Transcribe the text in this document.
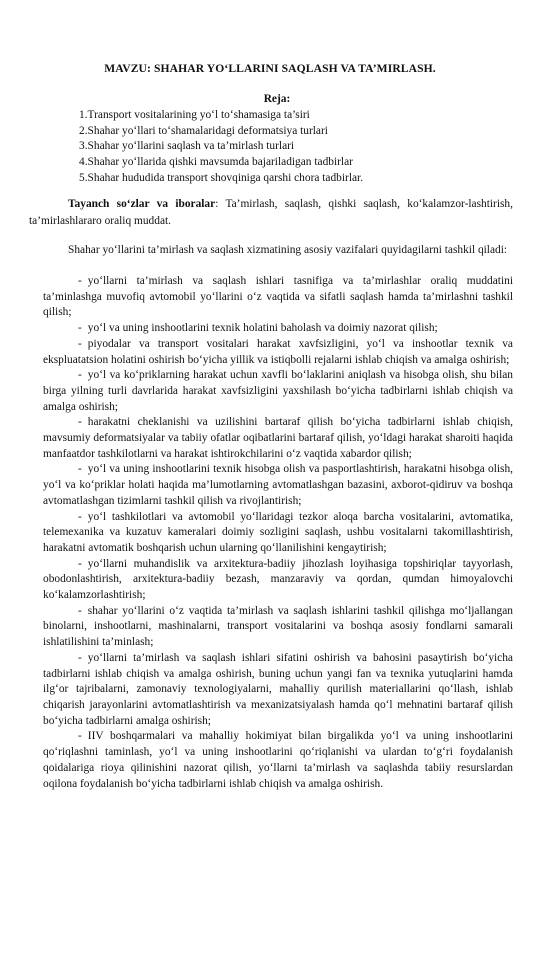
MAVZU: SHAHAR YO‘LLARINI SAQLASH VA TA’MIRLASH.
Reja:
1.Transport vositalarining yo‘l to‘shamasiga ta’siri
2.Shahar yo‘llari to‘shamalaridagi deformatsiya turlari
3.Shahar yo‘llarini saqlash va ta’mirlash turlari
4.Shahar yo‘llarida qishki mavsumda bajariladigan tadbirlar
5.Shahar hududida transport shovqiniga qarshi chora tadbirlar.

Tayanch so‘zlar va iboralar: Ta’mirlash, saqlash, qishki saqlash, ko‘kalamzor-lashtirish, ta’mirlashlararo oraliq muddat.

Shahar yo‘llarini ta’mirlash va saqlash xizmatining asosiy vazifalari quyidagilarni tashkil qiladi:

- yo‘llarni ta’mirlash va saqlash ishlari tasnifiga va ta’mirlashlar oraliq muddatini ta’minlashga muvofiq avtomobil yo‘llarini o‘z vaqtida va sifatli saqlash hamda ta’mirlashni tashkil qilish;
- yo‘l va uning inshootlarini texnik holatini baholash va doimiy nazorat qilish;
- piyodalar va transport vositalari harakat xavfsizligini, yo‘l va inshootlar texnik va ekspluatatsion holatini oshirish bo‘yicha yillik va istiqbolli rejalarni ishlab chiqish va amalga oshirish;
- yo‘l va ko‘priklarning harakat uchun xavfli bo‘laklarini aniqlash va hisobga olish, shu bilan birga yilning turli davrlarida harakat xavfsizligini yaxshilash bo‘yicha tadbirlarni ishlab chiqish va amalga oshirish;
- harakatni cheklanishi va uzilishini bartaraf qilish bo‘yicha tadbirlarni ishlab chiqish, mavsumiy deformatsiyalar va tabiiy ofatlar oqibatlarini bartaraf qilish, yo‘ldagi harakat sharoiti haqida manfaatdor tashkilotlarni va harakat ishtirokchilarini o‘z vaqtida xabardor qilish;
- yo‘l va uning inshootlarini texnik hisobga olish va pasportlashtirish, harakatni hisobga olish, yo‘l va ko‘priklar holati haqida ma’lumotlarning avtomatlashgan bazasini, axborot-qidiruv va boshqa avtomatlashgan tizimlarni tashkil qilish va rivojlantirish;
- yo‘l tashkilotlari va avtomobil yo‘llaridagi tezkor aloqa barcha vositalarini, avtomatika, telemexanika va kuzatuv kameralari doimiy sozligini saqlash, ushbu vositalarni takomillashtirish, harakatni avtomatik boshqarish uchun ularning qo‘llanilishini kengaytirish;
- yo‘llarni muhandislik va arxitektura-badiiy jihozlash loyihasiga topshiriqlar tayyorlash, obodonlashtirish, arxitektura-badiiy bezash, manzaraviy va qordan, qumdan himoyalovchi ko‘kalamzorlashtirish;
- shahar yo‘llarini o‘z vaqtida ta’mirlash va saqlash ishlarini tashkil qilishga mo‘ljallangan binolarni, inshootlarni, mashinalarni, transport vositalarini va boshqa asosiy fondlarni samarali ishlatilishini ta’minlash;
- yo‘llarni ta’mirlash va saqlash ishlari sifatini oshirish va bahosini pasaytirish bo‘yicha tadbirlarni ishlab chiqish va amalga oshirish, buning uchun yangi fan va texnika yutuqlarini hamda ilg‘or tajribalarni, zamonaviy texnologiyalarni, mahalliy qurilish materiallarini qo‘llash, ishlab chiqarish jarayonlarini avtomatlashtirish va mexanizatsiyalash hamda qo‘l mehnatini bartaraf qilish bo‘yicha tadbirlarni amalga oshirish;
- IIV boshqarmalari va mahalliy hokimiyat bilan birgalikda yo‘l va uning inshootlarini qo‘riqlashni taminlash, yo‘l va uning inshootlarini qo‘riqlanishi va ulardan to‘g‘ri foydalanish qoidalariga rioya qilinishini nazorat qilish, yo‘llarni ta’mirlash va saqlashda tabiiy resurslardan oqilona foydalanish bo‘yicha tadbirlarni ishlab chiqish va amalga oshirish.
